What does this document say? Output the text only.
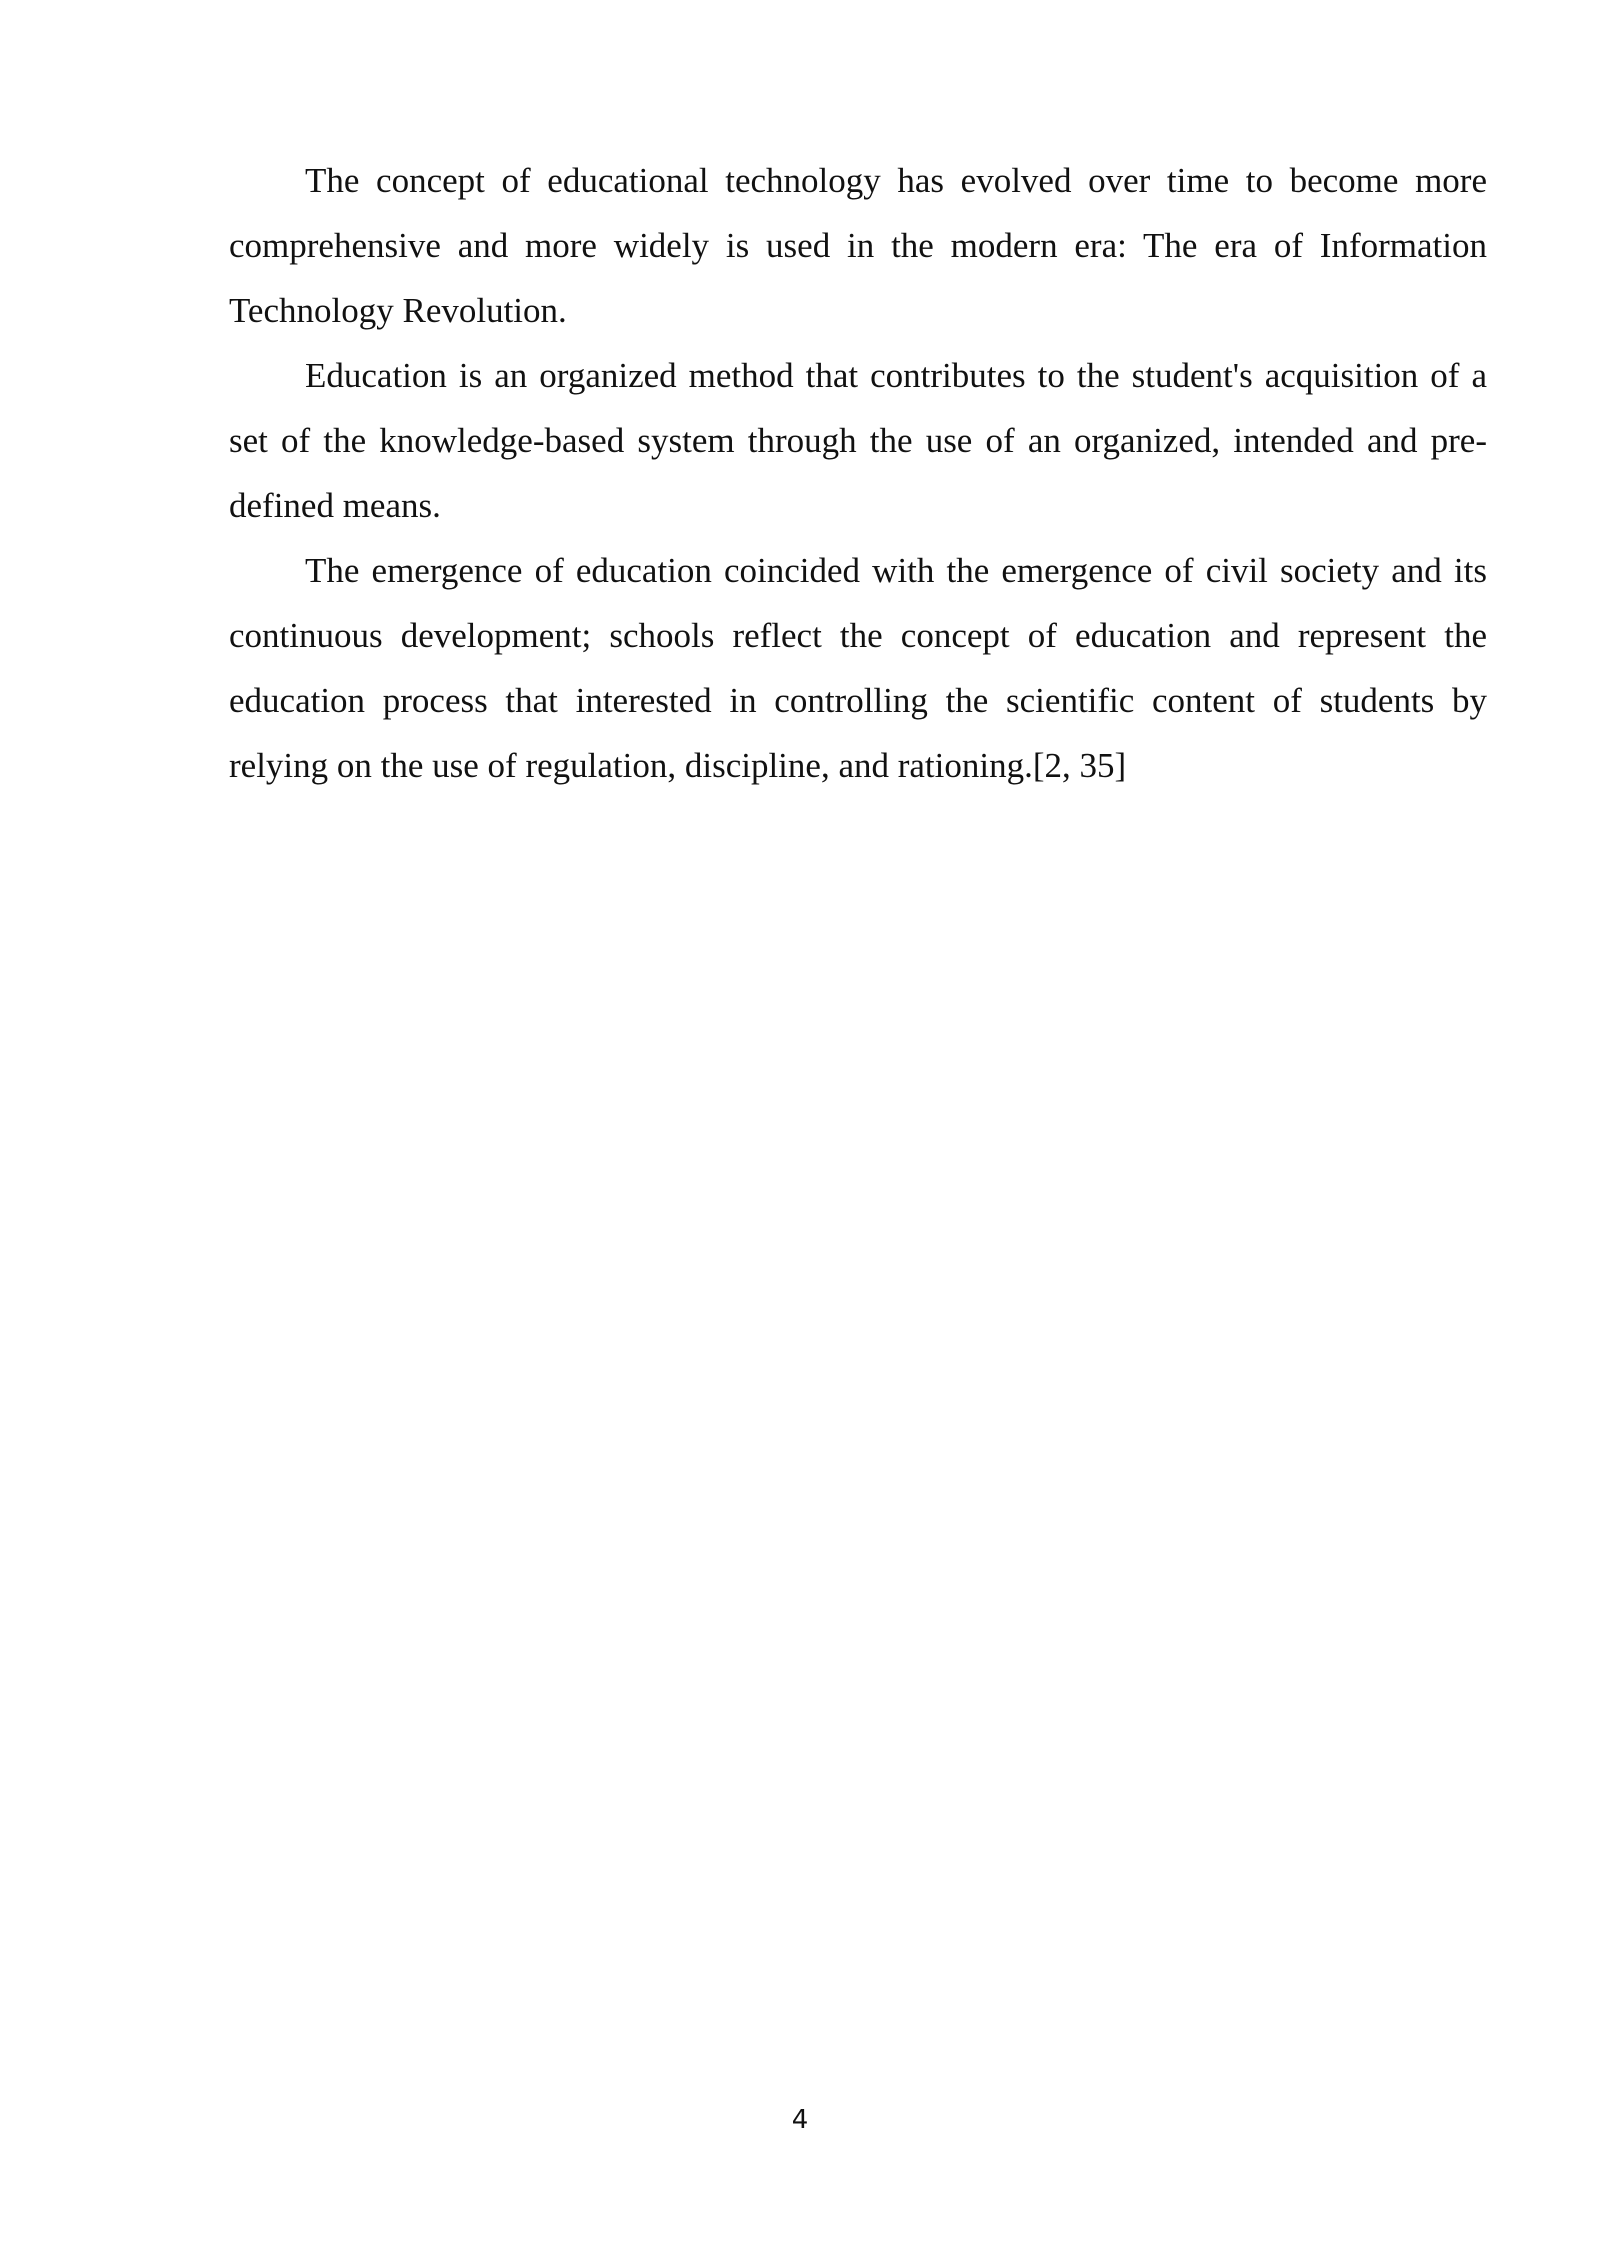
The concept of educational technology has evolved over time to become more comprehensive and more widely is used in the modern era: The era of Information Technology Revolution.

Education is an organized method that contributes to the student's acquisition of a set of the knowledge-based system through the use of an organized, intended and pre-defined means.

The emergence of education coincided with the emergence of civil society and its continuous development; schools reflect the concept of education and represent the education process that interested in controlling the scientific content of students by relying on the use of regulation, discipline, and rationing.[2, 35]

4
